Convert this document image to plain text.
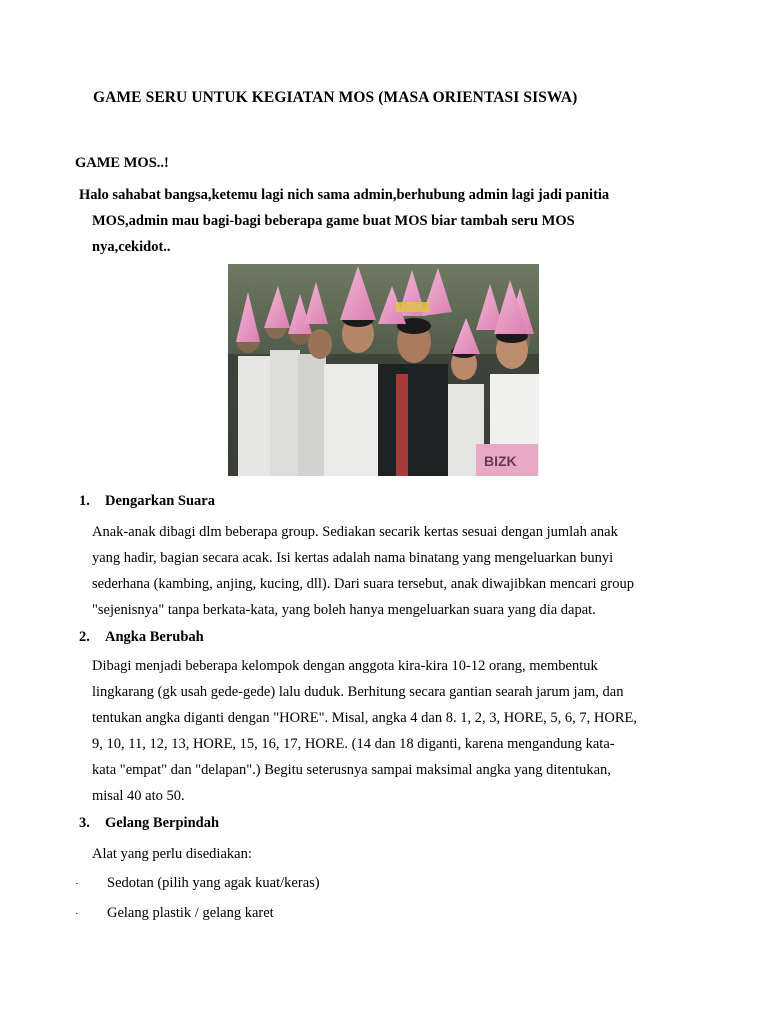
GAME SERU UNTUK KEGIATAN MOS (MASA ORIENTASI SISWA)
GAME MOS..!
Halo sahabat bangsa,ketemu lagi nich sama admin,berhubung admin lagi jadi panitia
MOS,admin mau bagi-bagi beberapa game buat MOS biar tambah seru MOS
nya,cekidot..
BIZK
1. Dengarkan Suara
Anak-anak dibagi dlm beberapa group. Sediakan secarik kertas sesuai dengan jumlah anak
yang hadir, bagian secara acak. Isi kertas adalah nama binatang yang mengeluarkan bunyi
sederhana (kambing, anjing, kucing, dll). Dari suara tersebut, anak diwajibkan mencari group
"sejenisnya" tanpa berkata-kata, yang boleh hanya mengeluarkan suara yang dia dapat.
2. Angka Berubah
Dibagi menjadi beberapa kelompok dengan anggota kira-kira 10-12 orang, membentuk
lingkarang (gk usah gede-gede) lalu duduk. Berhitung secara gantian searah jarum jam, dan
tentukan angka diganti dengan "HORE". Misal, angka 4 dan 8. 1, 2, 3, HORE, 5, 6, 7, HORE,
9, 10, 11, 12, 13, HORE, 15, 16, 17, HORE. (14 dan 18 diganti, karena mengandung kata-
kata "empat" dan "delapan".) Begitu seterusnya sampai maksimal angka yang ditentukan,
misal 40 ato 50.
3. Gelang Berpindah
Alat yang perlu disediakan:
· Sedotan (pilih yang agak kuat/keras)
· Gelang plastik / gelang karet
